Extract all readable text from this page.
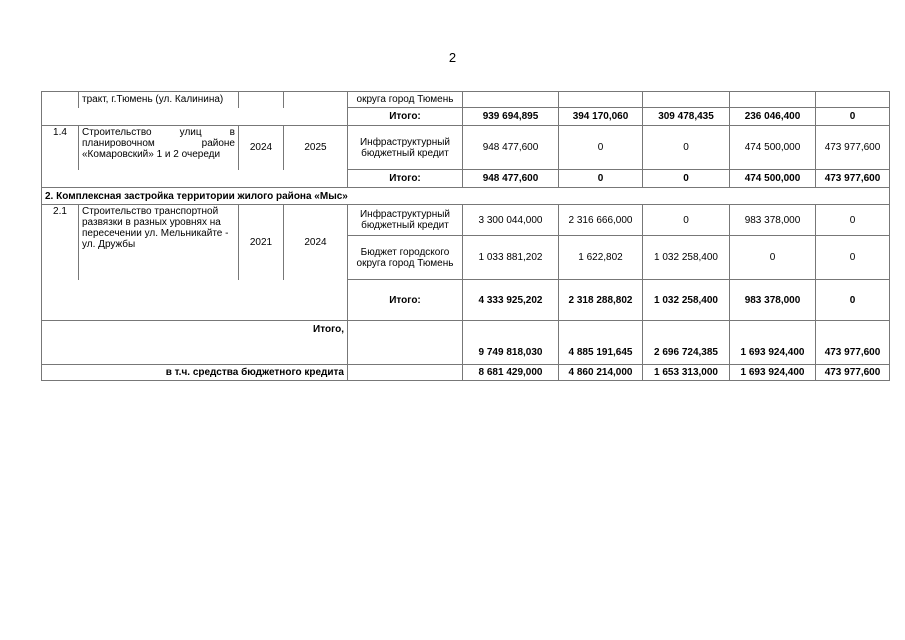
2
	тракт, г.Тюмень (ул. Калинина)			округа город Тюмень					
				Итого:	939 694,895	394 170,060	309 478,435	236 046,400	0
1.4	Строительство улиц в планировочном районе «Комаровский» 1 и 2 очереди	2024	2025	Инфраструктурный бюджетный кредит	948 477,600	0	0	474 500,000	473 977,600
				Итого:	948 477,600	0	0	474 500,000	473 977,600
2. Комплексная застройка территории жилого района «Мыс»									
2.1	Строительство транспортной развязки в разных уровнях на пересечении ул. Мельникайте - ул. Дружбы	2021	2024	Инфраструктурный бюджетный кредит	3 300 044,000	2 316 666,000	0	983 378,000	0
				Бюджет городского округа город Тюмень	1 033 881,202	1 622,802	1 032 258,400	0	0
				Итого:	4 333 925,202	2 318 288,802	1 032 258,400	983 378,000	0
Итого,					9 749 818,030	4 885 191,645	2 696 724,385	1 693 924,400	473 977,600
в т.ч. средства бюджетного кредита					8 681 429,000	4 860 214,000	1 653 313,000	1 693 924,400	473 977,600
